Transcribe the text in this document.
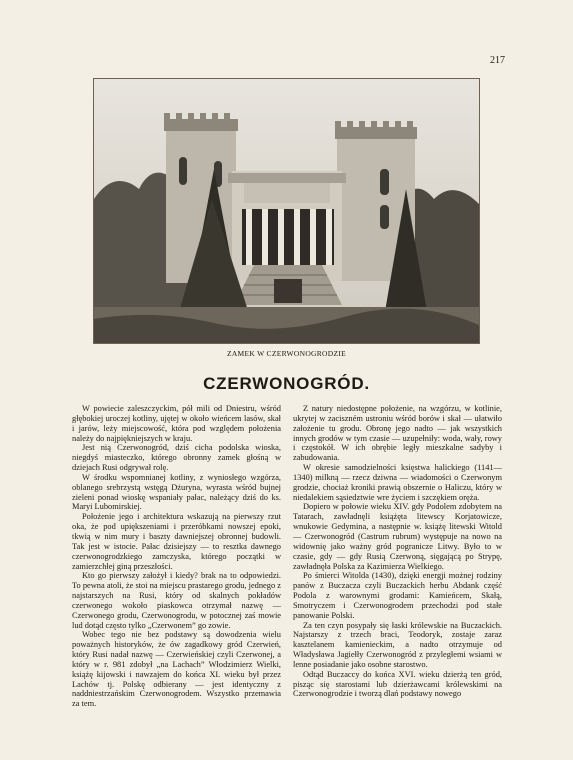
217
ZAMEK W CZERWONOGRODZIE
CZERWONOGRÓD.

W powiecie zaleszczyckim, pół mili od Dniestru, wśród głębokiej uroczej kotliny, ujętej w około wieńcem lasów, skał i jarów, leży miejscowość, która pod względem położenia należy do najpiękniejszych w kraju.

Jest nią Czerwonogród, dziś cicha podolska wioska, niegdyś miasteczko, którego obronny zamek głośną w dziejach Rusi odgrywał rolę.

W środku wspomnianej kotliny, z wyniosłego wzgórza, oblanego srebrzystą wstęgą Dżuryna, wyrasta wśród bujnej zieleni ponad wioskę wspaniały pałac, należący dziś do ks. Maryi Lubomirskiej.

Położenie jego i architektura wskazują na pierwszy rzut oka, że pod upiększeniami i przeróbkami nowszej epoki, tkwią w nim mury i baszty dawniejszej obronnej budowli. Tak jest w istocie. Pałac dzisiejszy — to resztka dawnego czerwonogrodzkiego zamczyska, którego początki w zamierzchłej giną przeszłości.

Kto go pierwszy założył i kiedy? brak na to odpowiedzi. To pewna atoli, że stoi na miejscu prastarego grodu, jednego z najstarszych na Rusi, który od skalnych pokładów czerwonego wokoło piaskowca otrzymał nazwę — Czerwonego grodu, Czerwonogrodu, w potocznej zaś mowie lud dotąd często tylko „Czerwonem” go zowie.

Wobec tego nie bez podstawy są dowodzenia wielu poważnych historyków, że ów zagadkowy gród Czerwień, który Rusi nadał nazwę — Czerwieńskiej czyli Czerwonej, a który w r. 981 zdobył „na Lachach” Włodzimierz Wielki, książę kijowski i nawzajem do końca XI. wieku był przez Lachów tj. Polskę odbierany — jest identyczny z naddniestrzańskim Czerwonogrodem. Wszystko przemawia za tem.

Z natury niedostępne położenie, na wzgórzu, w kotlinie, ukrytej w zaciszném ustroniu wśród borów i skał — ułatwiło założenie tu grodu. Obronę jego nadto — jak wszystkich innych grodów w tym czasie — uzupełniły: woda, wały, rowy i częstokół. W ich obrębie legły mieszkalne sadyby i zabudowania.

W okresie samodzielności księstwa halickiego (1141—1340) milkną — rzecz dziwna — wiadomości o Czerwonym grodzie, chociaż kroniki prawią obszernie o Haliczu, który w niedalekiem sąsiedztwie wre życiem i szczękiem oręża.

Dopiero w połowie wieku XIV. gdy Podolem zdobytem na Tatarach, zawładnęli książęta litewscy Korjatowicze, wnukowie Gedymina, a następnie w. książę litewski Witold — Czerwonogród (Castrum rubrum) występuje na nowo na widownię jako ważny gród pogranicze Litwy. Było to w czasie, gdy — gdy Rusią Czerwoną, sięgającą po Strypę, zawładnęła Polska za Kazimierza Wielkiego.

Po śmierci Witolda (1430), dzięki energji możnej rodziny panów z Buczacza czyli Buczackich herbu Abdank część Podola z warownymi grodami: Kamieńcem, Skałą, Smotryczem i Czerwonogrodem przechodzi pod stałe panowanie Polski.

Za ten czyn posypały się łaski królewskie na Buczackich. Najstarszy z trzech braci, Teodoryk, zostaje zaraz kasztelanem kamienieckim, a nadto otrzymuje od Władysława Jagiełły Czerwonogród z przyległemi wsiami w lenne posiadanie jako osobne starostwo.

Odtąd Buczaccy do końca XVI. wieku dzierżą ten gród, pisząc się starostami lub dzierżawcami królewskimi na Czerwonogrodzie i tworzą dlań podstawy nowego
